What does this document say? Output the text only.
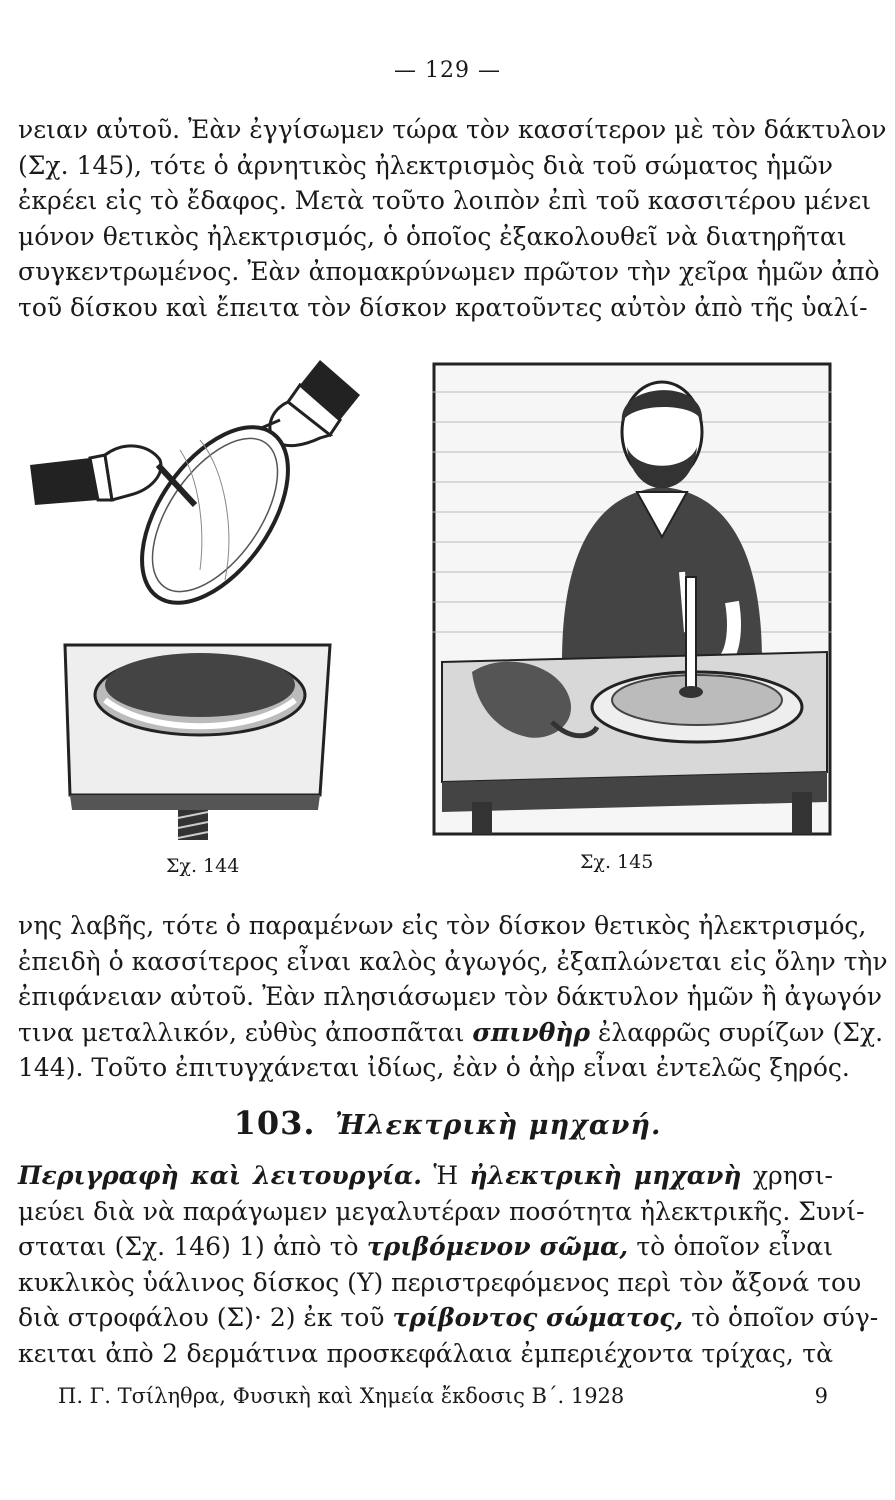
— 129 —
νειαν αὐτοῦ. Ἐὰν ἐγγίσωμεν τώρα τὸν κασσίτερον μὲ τὸν δάκτυλον
(Σχ. 145), τότε ὁ ἀρνητικὸς ἠλεκτρισμὸς διὰ τοῦ σώματος ἡμῶν
ἐκρέει εἰς τὸ ἔδαφος. Μετὰ τοῦτο λοιπὸν ἐπὶ τοῦ κασσιτέρου μένει
μόνον θετικὸς ἠλεκτρισμός, ὁ ὁποῖος ἐξακολουθεῖ νὰ διατηρῆται
συγκεντρωμένος. Ἐὰν ἀπομακρύνωμεν πρῶτον τὴν χεῖρα ἡμῶν ἀπὸ
τοῦ δίσκου καὶ ἔπειτα τὸν δίσκον κρατοῦντες αὐτὸν ἀπὸ τῆς ὑαλί-
Σχ. 144	Σχ. 145
νης λαβῆς, τότε ὁ παραμένων εἰς τὸν δίσκον θετικὸς ἠλεκτρισμός,
ἐπειδὴ ὁ κασσίτερος εἶναι καλὸς ἀγωγός, ἐξαπλώνεται εἰς ὅλην τὴν
ἐπιφάνειαν αὐτοῦ. Ἐὰν πλησιάσωμεν τὸν δάκτυλον ἡμῶν ἢ ἀγωγόν
τινα μεταλλικόν, εὐθὺς ἀποσπᾶται σπινθὴρ ἐλαφρῶς συρίζων (Σχ.
144). Τοῦτο ἐπιτυγχάνεται ἰδίως, ἐὰν ὁ ἀὴρ εἶναι ἐντελῶς ξηρός.
103. Ἠλεκτρικὴ μηχανή.
Περιγραφὴ καὶ λειτουργία. Ἡ ἠλεκτρικὴ μηχανὴ χρησι-
μεύει διὰ νὰ παράγωμεν μεγαλυτέραν ποσότητα ἠλεκτρικῆς. Συνί-
σταται (Σχ. 146) 1) ἀπὸ τὸ τριβόμενον σῶμα, τὸ ὁποῖον εἶναι
κυκλικὸς ὑάλινος δίσκος (Υ) περιστρεφόμενος περὶ τὸν ἄξονά του
διὰ στροφάλου (Σ)· 2) ἐκ τοῦ τρίβοντος σώματος, τὸ ὁποῖον σύγ-
κειται ἀπὸ 2 δερμάτινα προσκεφάλαια ἐμπεριέχοντα τρίχας, τὰ
Π. Γ. Τσίληθρα, Φυσικὴ καὶ Χημεία ἔκδοσις Β΄. 1928	9
